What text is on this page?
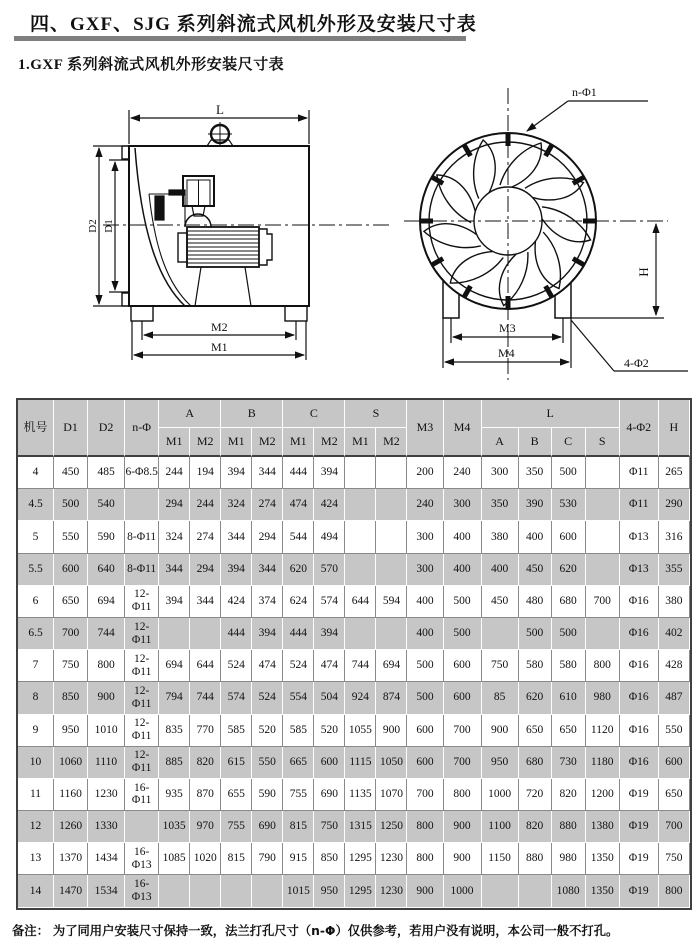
四、GXF、SJG 系列斜流式风机外形及安装尺寸表
1.GXF 系列斜流式风机外形安装尺寸表
L
D2 D1
M2
M1
n-Φ1
H
M3
M4
4-Φ2
机号	D1	D2	n-Φ	A		B		C		S		M3	M4	L				4-Φ2	H
				M1	M2	M1	M2	M1	M2	M1	M2			A	B	C	S		
4	450	485	6-Φ8.5	244	194	394	344	444	394			200	240	300	350	500		Φ11	265
4.5	500	540		294	244	324	274	474	424			240	300	350	390	530		Φ11	290
5	550	590	8-Φ11	324	274	344	294	544	494			300	400	380	400	600		Φ13	316
5.5	600	640	8-Φ11	344	294	394	344	620	570			300	400	400	450	620		Φ13	355
6	650	694	12-Φ11	394	344	424	374	624	574	644	594	400	500	450	480	680	700	Φ16	380
6.5	700	744	12-Φ11			444	394	444	394			400	500		500	500		Φ16	402
7	750	800	12-Φ11	694	644	524	474	524	474	744	694	500	600	750	580	580	800	Φ16	428
8	850	900	12-Φ11	794	744	574	524	554	504	924	874	500	600	85	620	610	980	Φ16	487
9	950	1010	12-Φ11	835	770	585	520	585	520	1055	900	600	700	900	650	650	1120	Φ16	550
10	1060	1110	12-Φ11	885	820	615	550	665	600	1115	1050	600	700	950	680	730	1180	Φ16	600
11	1160	1230	16-Φ11	935	870	655	590	755	690	1135	1070	700	800	1000	720	820	1200	Φ19	650
12	1260	1330		1035	970	755	690	815	750	1315	1250	800	900	1100	820	880	1380	Φ19	700
13	1370	1434	16-Φ13	1085	1020	815	790	915	850	1295	1230	800	900	1150	880	980	1350	Φ19	750
14	1470	1534	16-Φ13					1015	950	1295	1230	900	1000			1080	1350	Φ19	800
备注： 为了同用户安装尺寸保持一致，法兰打孔尺寸（n-Φ）仅供参考，若用户没有说明，本公司一般不打孔。
